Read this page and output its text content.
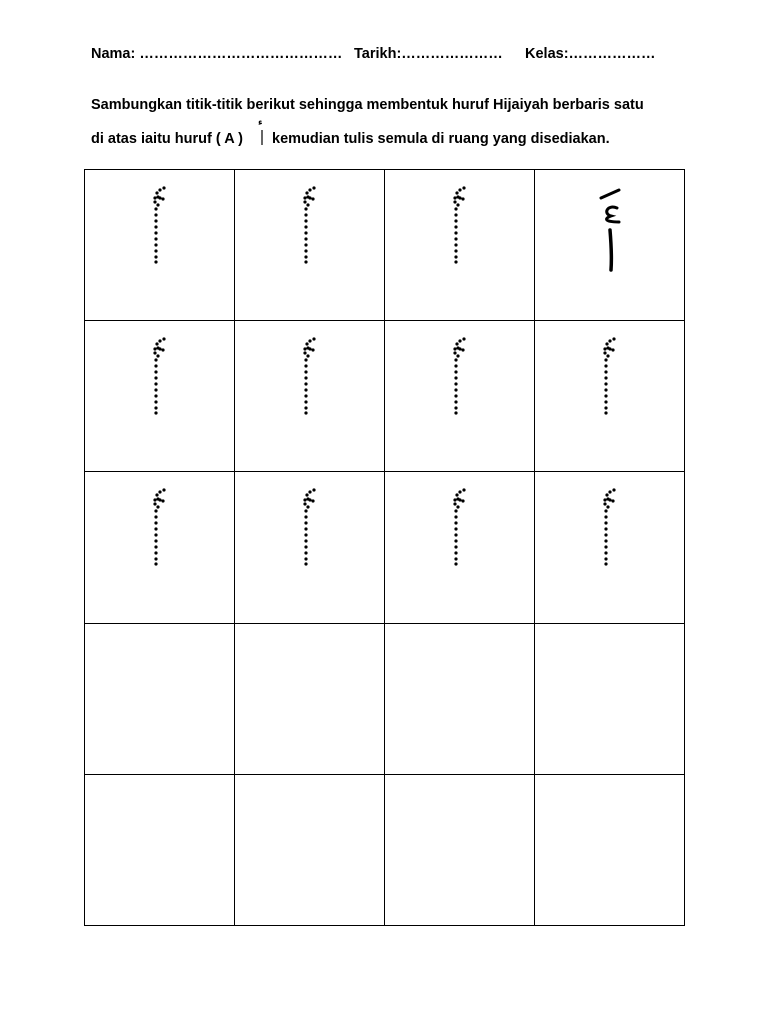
Nama: …………………………………… Tarikh:………………… Kelas:………………
Sambungkan titik-titik berikut sehingga membentuk huruf Hijaiyah berbaris satu
di atas iaitu huruf ( A )
ء
kemudian tulis semula di ruang yang disediakan.
